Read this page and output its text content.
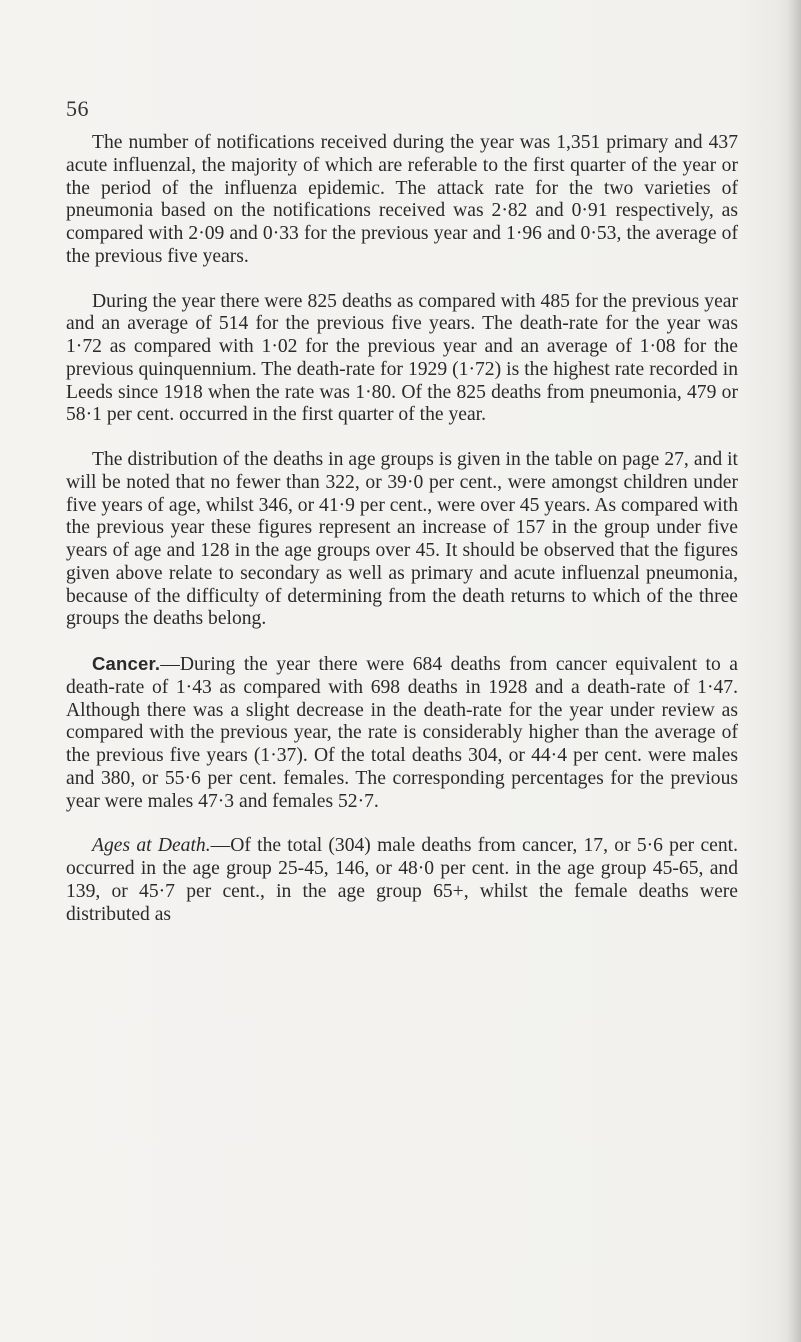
56

The number of notifications received during the year was 1,351 primary and 437 acute influenzal, the majority of which are referable to the first quarter of the year or the period of the influenza epidemic. The attack rate for the two varieties of pneumonia based on the notifications received was 2·82 and 0·91 respectively, as compared with 2·09 and 0·33 for the previous year and 1·96 and 0·53, the average of the previous five years.

During the year there were 825 deaths as compared with 485 for the previous year and an average of 514 for the previous five years. The death-rate for the year was 1·72 as compared with 1·02 for the previous year and an average of 1·08 for the previous quinquennium. The death-rate for 1929 (1·72) is the highest rate recorded in Leeds since 1918 when the rate was 1·80. Of the 825 deaths from pneumonia, 479 or 58·1 per cent. occurred in the first quarter of the year.

The distribution of the deaths in age groups is given in the table on page 27, and it will be noted that no fewer than 322, or 39·0 per cent., were amongst children under five years of age, whilst 346, or 41·9 per cent., were over 45 years. As compared with the previous year these figures represent an increase of 157 in the group under five years of age and 128 in the age groups over 45. It should be observed that the figures given above relate to secondary as well as primary and acute influenzal pneumonia, because of the difficulty of determining from the death returns to which of the three groups the deaths belong.

Cancer.—During the year there were 684 deaths from cancer equivalent to a death-rate of 1·43 as compared with 698 deaths in 1928 and a death-rate of 1·47. Although there was a slight decrease in the death-rate for the year under review as compared with the previous year, the rate is considerably higher than the average of the previous five years (1·37). Of the total deaths 304, or 44·4 per cent. were males and 380, or 55·6 per cent. females. The corresponding percentages for the previous year were males 47·3 and females 52·7.

Ages at Death.—Of the total (304) male deaths from cancer, 17, or 5·6 per cent. occurred in the age group 25-45, 146, or 48·0 per cent. in the age group 45-65, and 139, or 45·7 per cent., in the age group 65+, whilst the female deaths were distributed as
